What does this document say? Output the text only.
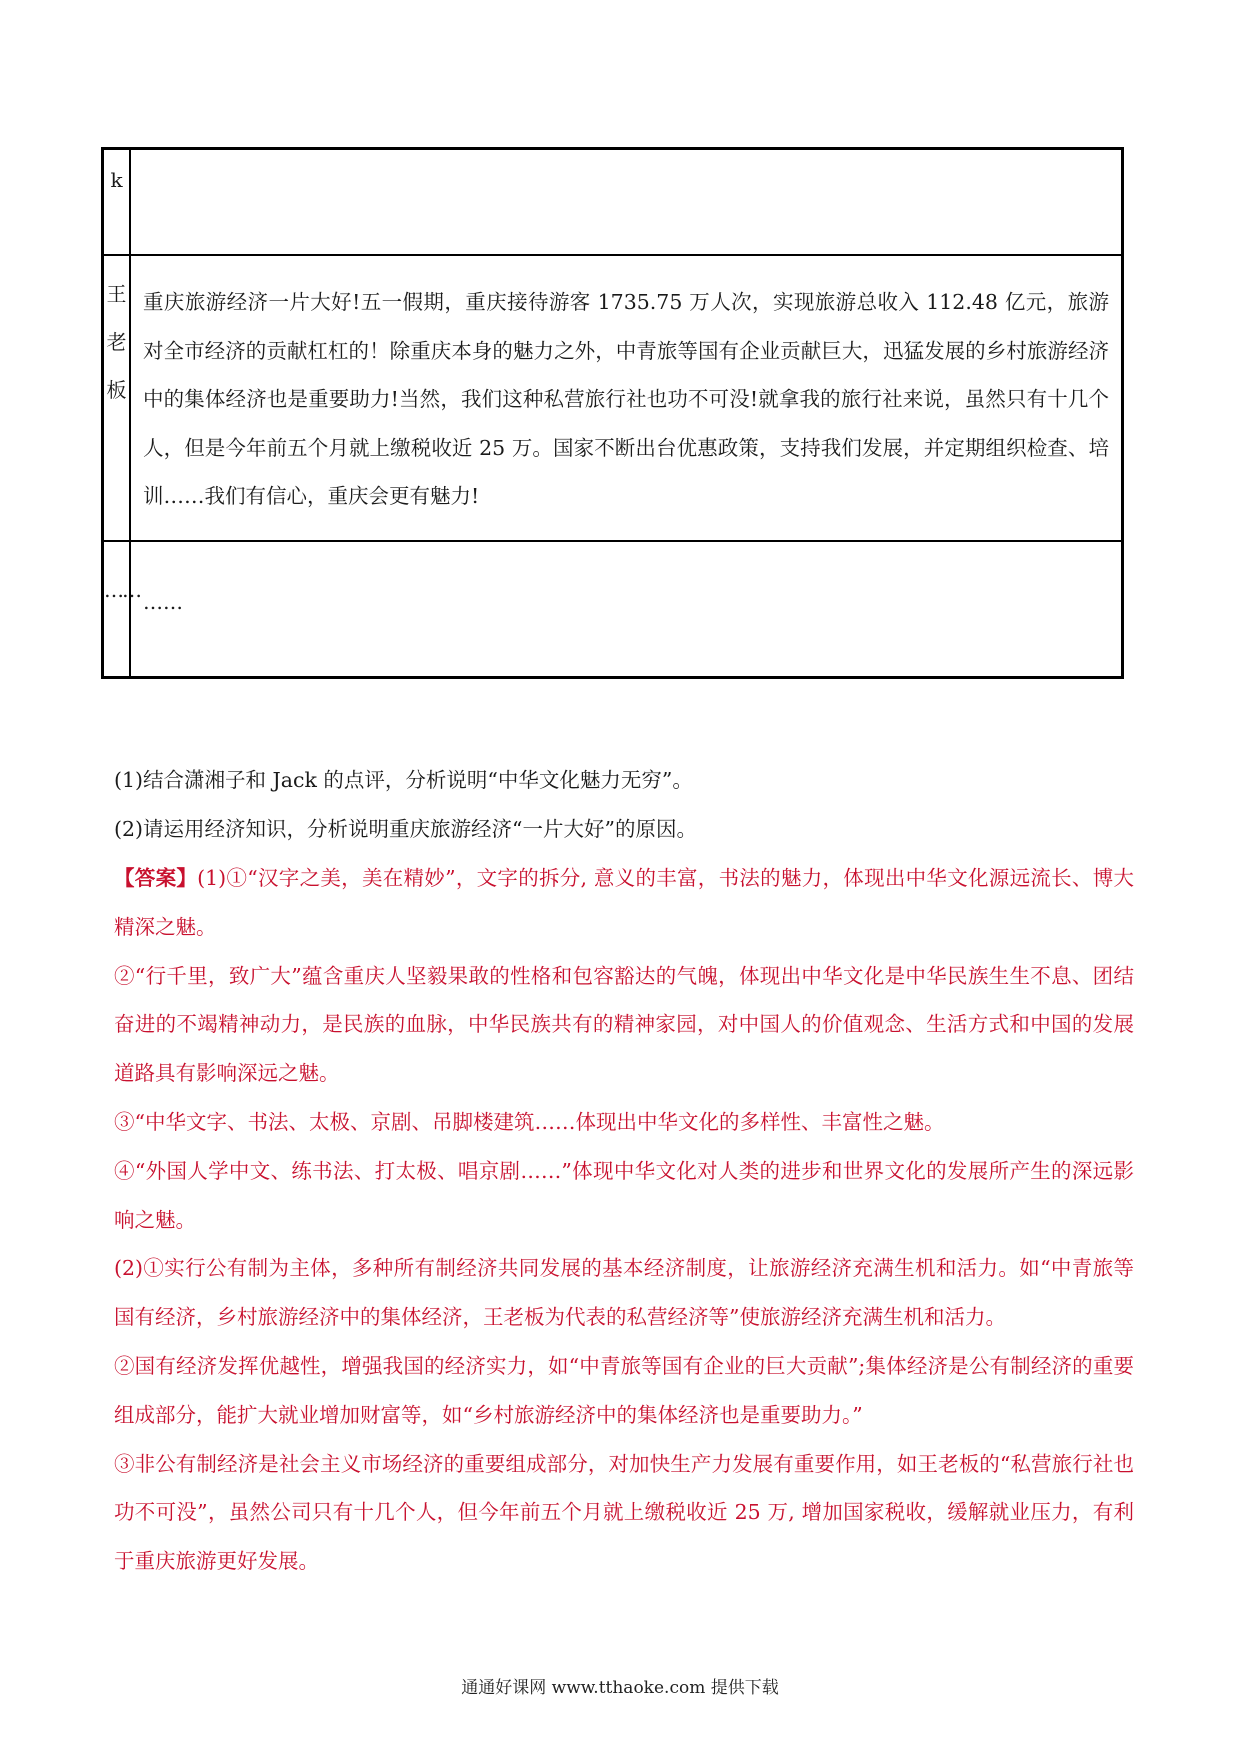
k	

王老板	重庆旅游经济一片大好!五一假期，重庆接待游客 1735.75 万人次，实现旅游总收入 112.48 亿元，旅游对全市经济的贡献杠杠的！除重庆本身的魅力之外，中青旅等国有企业贡献巨大，迅猛发展的乡村旅游经济中的集体经济也是重要助力!当然，我们这种私营旅行社也功不可没!就拿我的旅行社来说，虽然只有十几个人，但是今年前五个月就上缴税收近 25 万。国家不断出台优惠政策，支持我们发展，并定期组织检查、培训……我们有信心，重庆会更有魅力!

……	……

(1)结合潇湘子和 Jack 的点评，分析说明“中华文化魅力无穷”。

(2)请运用经济知识，分析说明重庆旅游经济“一片大好”的原因。

【答案】(1)①“汉字之美，美在精妙”，文字的拆分, 意义的丰富，书法的魅力，体现出中华文化源远流长、博大精深之魅。

②“行千里，致广大”蕴含重庆人坚毅果敢的性格和包容豁达的气魄，体现出中华文化是中华民族生生不息、团结奋进的不竭精神动力，是民族的血脉，中华民族共有的精神家园，对中国人的价值观念、生活方式和中国的发展道路具有影响深远之魅。

③“中华文字、书法、太极、京剧、吊脚楼建筑……体现出中华文化的多样性、丰富性之魅。

④“外国人学中文、练书法、打太极、唱京剧……”体现中华文化对人类的进步和世界文化的发展所产生的深远影响之魅。

(2)①实行公有制为主体，多种所有制经济共同发展的基本经济制度，让旅游经济充满生机和活力。如“中青旅等国有经济，乡村旅游经济中的集体经济，王老板为代表的私营经济等”使旅游经济充满生机和活力。

②国有经济发挥优越性，增强我国的经济实力，如“中青旅等国有企业的巨大贡献”;集体经济是公有制经济的重要组成部分，能扩大就业增加财富等，如“乡村旅游经济中的集体经济也是重要助力。”

③非公有制经济是社会主义市场经济的重要组成部分，对加快生产力发展有重要作用，如王老板的“私营旅行社也功不可没”，虽然公司只有十几个人，但今年前五个月就上缴税收近 25 万, 增加国家税收，缓解就业压力，有利于重庆旅游更好发展。

通通好课网 www.tthaoke.com 提供下载
